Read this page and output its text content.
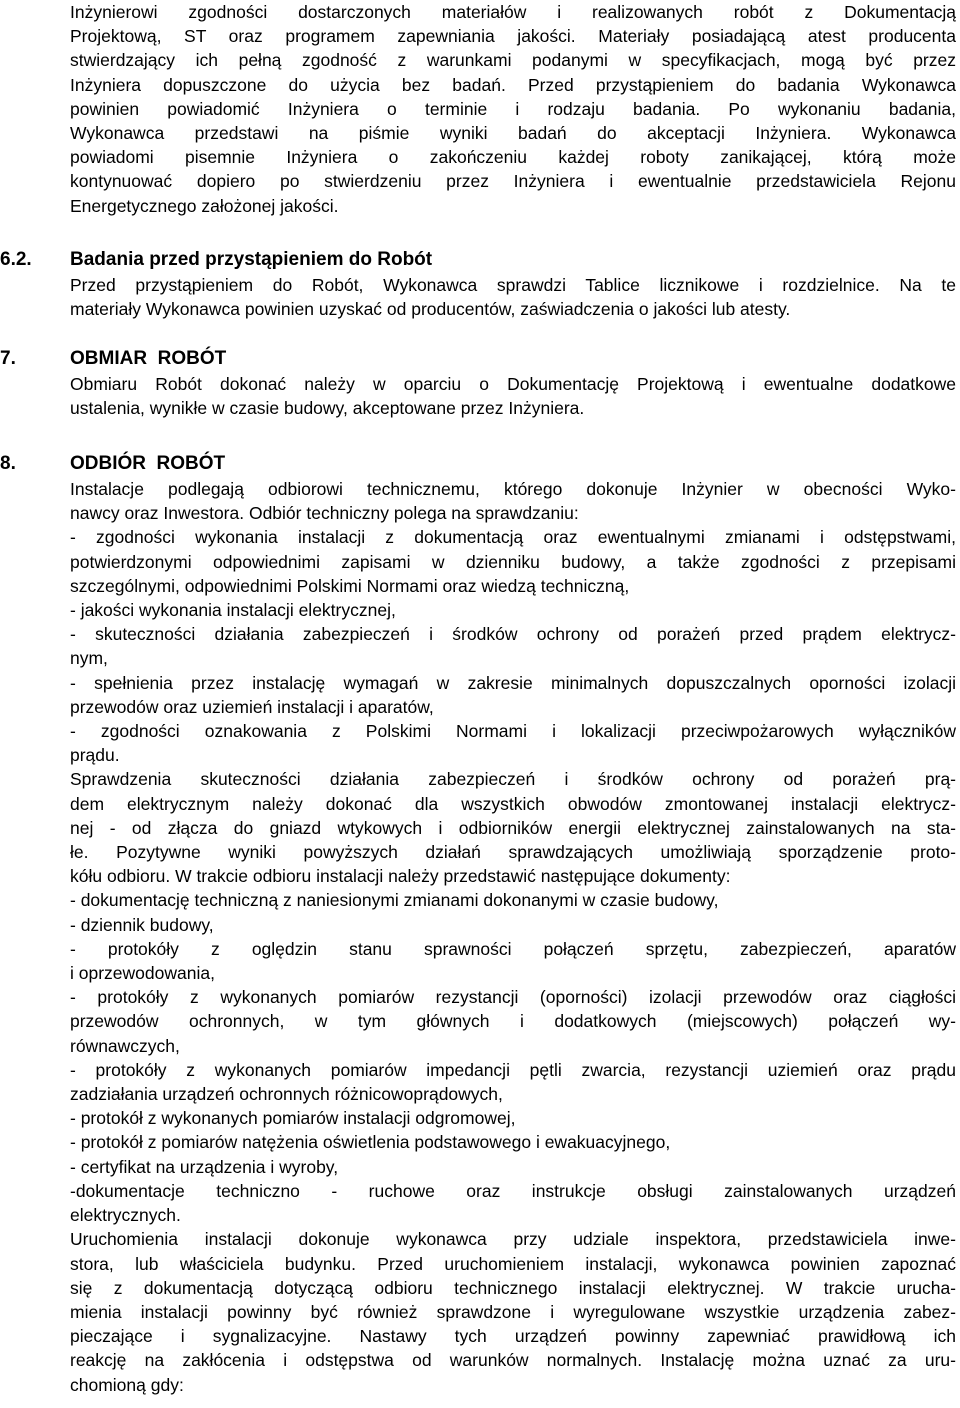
Inżynierowi zgodności dostarczonych materiałów i realizowanych robót z Dokumentacją
Projektową, ST oraz programem zapewniania jakości. Materiały posiadającą atest producenta
stwierdzający ich pełną zgodność z warunkami podanymi w specyfikacjach, mogą być przez
Inżyniera dopuszczone do użycia bez badań. Przed przystąpieniem do badania Wykonawca
powinien powiadomić Inżyniera o terminie i rodzaju badania. Po wykonaniu badania,
Wykonawca przedstawi na piśmie wyniki badań do akceptacji Inżyniera. Wykonawca
powiadomi pisemnie Inżyniera o zakończeniu każdej roboty zanikającej, którą może
kontynuować dopiero po stwierdzeniu przez Inżyniera i ewentualnie przedstawiciela Rejonu
Energetycznego założonej jakości.
6.2. Badania przed przystąpieniem do Robót
Przed przystąpieniem do Robót, Wykonawca sprawdzi Tablice licznikowe i rozdzielnice. Na te
materiały Wykonawca powinien uzyskać od producentów, zaświadczenia o jakości lub atesty.
7.	OBMIAR  ROBÓT
Obmiaru Robót dokonać należy w oparciu o Dokumentację Projektową i ewentualne dodatkowe
ustalenia, wynikłe w czasie budowy, akceptowane przez Inżyniera.
8.	ODBIÓR  ROBÓT
Instalacje podlegają odbiorowi technicznemu, którego dokonuje Inżynier w obecności Wyko-
nawcy oraz Inwestora. Odbiór techniczny polega na sprawdzaniu:
- zgodności wykonania instalacji z dokumentacją oraz ewentualnymi zmianami i odstępstwami,
potwierdzonymi odpowiednimi zapisami w dzienniku budowy, a także zgodności z przepisami
szczególnymi, odpowiednimi Polskimi Normami oraz wiedzą techniczną,
- jakości wykonania instalacji elektrycznej,
- skuteczności działania zabezpieczeń i środków ochrony od porażeń przed prądem elektrycz-
nym,
- spełnienia przez instalację wymagań w zakresie minimalnych dopuszczalnych oporności izolacji
przewodów oraz uziemień instalacji i aparatów,
- zgodności oznakowania z Polskimi Normami i lokalizacji przeciwpożarowych wyłączników
prądu.
Sprawdzenia skuteczności działania zabezpieczeń i środków ochrony od porażeń prą-
dem elektrycznym należy dokonać dla wszystkich obwodów zmontowanej instalacji elektrycz-
nej - od złącza do gniazd wtykowych i odbiorników energii elektrycznej zainstalowanych na sta-
łe. Pozytywne wyniki powyższych działań sprawdzających umożliwiają sporządzenie proto-
kółu odbioru. W trakcie odbioru instalacji należy przedstawić następujące dokumenty:
- dokumentację techniczną z naniesionymi zmianami dokonanymi w czasie budowy,
- dziennik budowy,
- protokóły z oględzin stanu sprawności połączeń sprzętu, zabezpieczeń, aparatów
i oprzewodowania,
- protokóły z wykonanych pomiarów rezystancji (oporności) izolacji przewodów oraz ciągłości
przewodów ochronnych, w tym głównych i dodatkowych (miejscowych) połączeń wy-
równawczych,
- protokóły z wykonanych pomiarów impedancji pętli zwarcia, rezystancji uziemień oraz prądu
zadziałania urządzeń ochronnych różnicowoprądowych,
- protokół z wykonanych pomiarów instalacji odgromowej,
- protokół z pomiarów natężenia oświetlenia podstawowego i ewakuacyjnego,
- certyfikat na urządzenia i wyroby,
-dokumentacje techniczno - ruchowe oraz instrukcje obsługi zainstalowanych urządzeń
elektrycznych.
Uruchomienia instalacji dokonuje wykonawca przy udziale inspektora, przedstawiciela inwe-
stora, lub właściciela budynku. Przed uruchomieniem instalacji, wykonawca powinien zapoznać
się z dokumentacją dotyczącą odbioru technicznego instalacji elektrycznej. W trakcie urucha-
mienia instalacji powinny być również sprawdzone i wyregulowane wszystkie urządzenia zabez-
pieczające i sygnalizacyjne. Nastawy tych urządzeń powinny zapewniać prawidłową ich
reakcję na zakłócenia i odstępstwa od warunków normalnych. Instalację można uznać za uru-
chomioną gdy:
